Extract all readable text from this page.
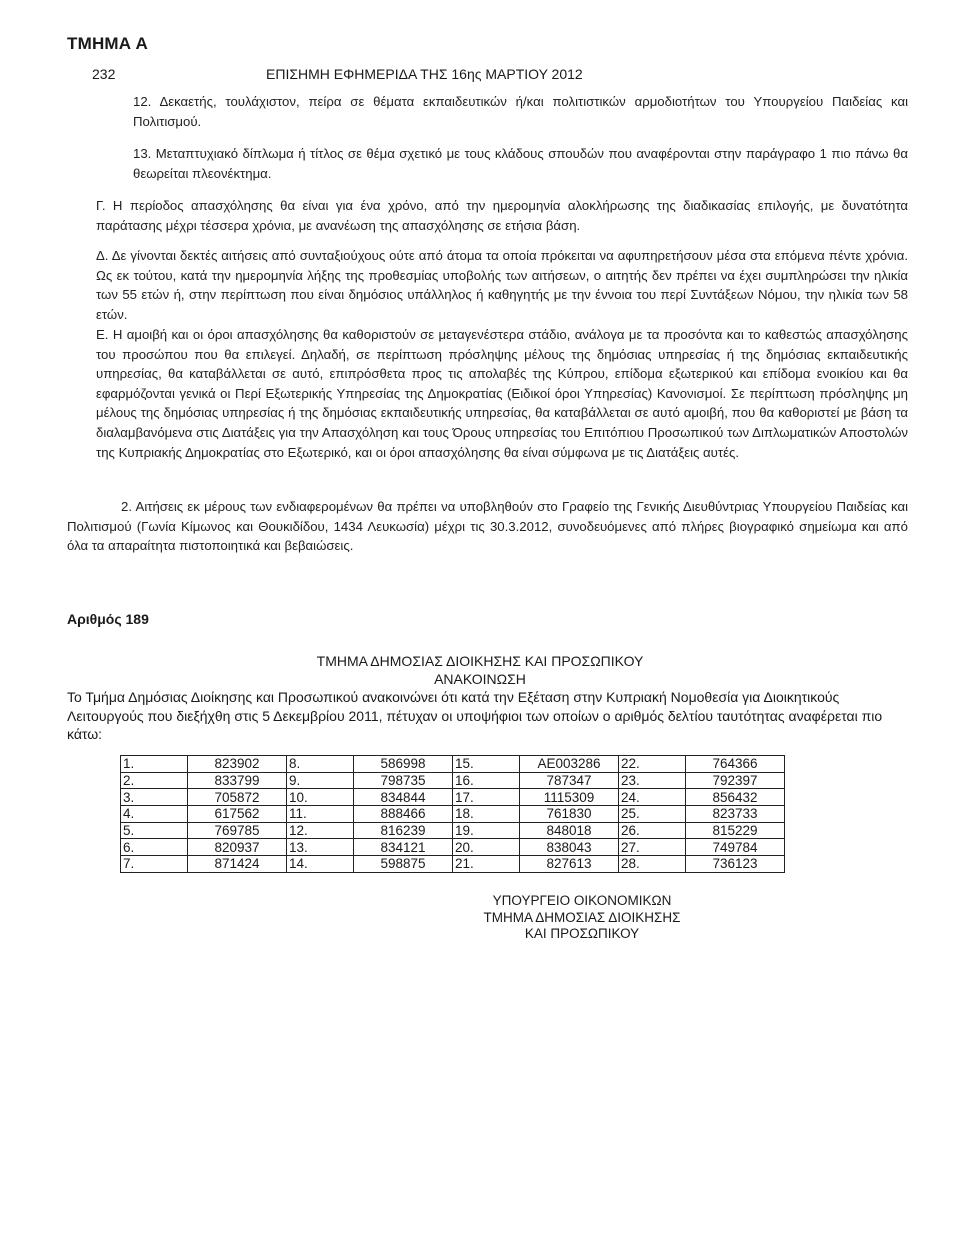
ΤΜΗΜΑ Α
232	ΕΠΙΣΗΜΗ ΕΦΗΜΕΡΙΔΑ ΤΗΣ 16ης ΜΑΡΤΙΟΥ 2012

12. Δεκαετής, τουλάχιστον, πείρα σε θέματα εκπαιδευτικών ή/και πολιτιστικών αρμοδιοτήτων του Υπουργείου Παιδείας και Πολιτισμού.

13. Μεταπτυχιακό δίπλωμα ή τίτλος σε θέμα σχετικό με τους κλάδους σπουδών που αναφέρονται στην παράγραφο 1 πιο πάνω θα θεωρείται πλεονέκτημα.

Γ. Η περίοδος απασχόλησης θα είναι για ένα χρόνο, από την ημερομηνία αλοκλήρωσης της διαδικασίας επιλογής, με δυνατότητα παράτασης μέχρι τέσσερα χρόνια, με ανανέωση της απασχόλησης σε ετήσια βάση.

Δ. Δε γίνονται δεκτές αιτήσεις από συνταξιούχους ούτε από άτομα τα οποία πρόκειται να αφυπηρετήσουν μέσα στα επόμενα πέντε χρόνια. Ως εκ τούτου, κατά την ημερομηνία λήξης της προθεσμίας υποβολής των αιτήσεων, ο αιτητής δεν πρέπει να έχει συμπληρώσει την ηλικία των 55 ετών ή, στην περίπτωση που είναι δημόσιος υπάλληλος ή καθηγητής με την έννοια του περί Συντάξεων Νόμου, την ηλικία των 58 ετών.

Ε. Η αμοιβή και οι όροι απασχόλησης θα καθοριστούν σε μεταγενέστερα στάδιο, ανάλογα με τα προσόντα και το καθεστώς απασχόλησης του προσώπου που θα επιλεγεί. Δηλαδή, σε περίπτωση πρόσληψης μέλους της δημόσιας υπηρεσίας ή της δημόσιας εκπαιδευτικής υπηρεσίας, θα καταβάλλεται σε αυτό, επιπρόσθετα προς τις απολαβές της Κύπρου, επίδομα εξωτερικού και επίδομα ενοικίου και θα εφαρμόζονται γενικά οι Περί Εξωτερικής Υπηρεσίας της Δημοκρατίας (Ειδικοί όροι Υπηρεσίας) Κανονισμοί. Σε περίπτωση πρόσληψης μη μέλους της δημόσιας υπηρεσίας ή της δημόσιας εκπαιδευτικής υπηρεσίας, θα καταβάλλεται σε αυτό αμοιβή, που θα καθοριστεί με βάση τα διαλαμβανόμενα στις Διατάξεις για την Απασχόληση και τους Όρους υπηρεσίας του Επιτόπιου Προσωπικού των Διπλωματικών Αποστολών της Κυπριακής Δημοκρατίας στο Εξωτερικό, και οι όροι απασχόλησης θα είναι σύμφωνα με τις Διατάξεις αυτές.

2. Αιτήσεις εκ μέρους των ενδιαφερομένων θα πρέπει να υποβληθούν στο Γραφείο της Γενικής Διευθύντριας Υπουργείου Παιδείας και Πολιτισμού (Γωνία Κίμωνος και Θουκιδίδου, 1434 Λευκωσία) μέχρι τις 30.3.2012, συνοδευόμενες από πλήρες βιογραφικό σημείωμα και από όλα τα απαραίτητα πιστοποιητικά και βεβαιώσεις.

Αριθμός 189
ΤΜΗΜΑ ΔΗΜΟΣΙΑΣ ΔΙΟΙΚΗΣΗΣ ΚΑΙ ΠΡΟΣΩΠΙΚΟΥ
ΑΝΑΚΟΙΝΩΣΗ

Το Τμήμα Δημόσιας Διοίκησης και Προσωπικού ανακοινώνει ότι κατά την Εξέταση στην Κυπριακή Νομοθεσία για Διοικητικούς Λειτουργούς που διεξήχθη στις 5 Δεκεμβρίου 2011, πέτυχαν οι υποψήφιοι των οποίων ο αριθμός δελτίου ταυτότητας αναφέρεται πιο κάτω:

1.	823902	8.	586998	15.	AE003286	22.	764366
2.	833799	9.	798735	16.	787347	23.	792397
3.	705872	10.	834844	17.	1115309	24.	856432
4.	617562	11.	888466	18.	761830	25.	823733
5.	769785	12.	816239	19.	848018	26.	815229
6.	820937	13.	834121	20.	838043	27.	749784
7.	871424	14.	598875	21.	827613	28.	736123
ΥΠΟΥΡΓΕΙΟ ΟΙΚΟΝΟΜΙΚΩΝ
ΤΜΗΜΑ ΔΗΜΟΣΙΑΣ ΔΙΟΙΚΗΣΗΣ
ΚΑΙ ΠΡΟΣΩΠΙΚΟΥ
